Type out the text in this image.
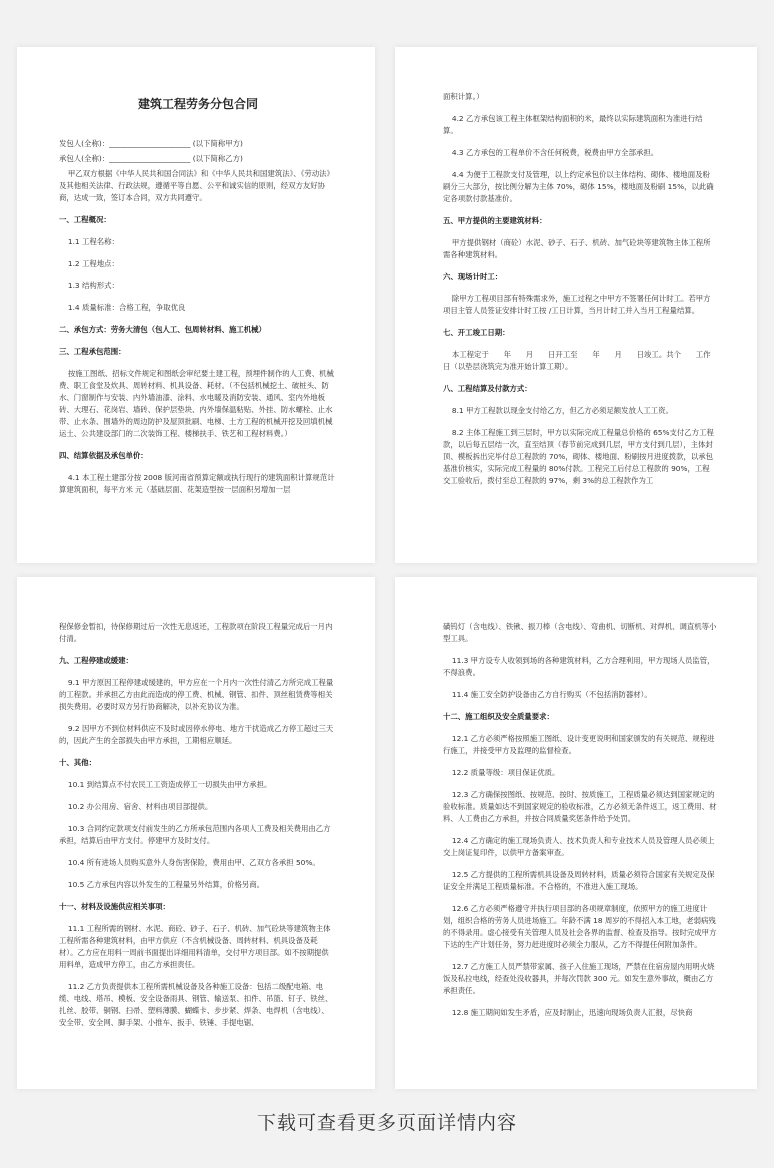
建筑工程劳务分包合同

发包人(全称)：______________________ (以下简称甲方)

承包人(全称)：______________________ (以下简称乙方)

甲乙双方根据《中华人民共和国合同法》和《中华人民共和国建筑法》、《劳动法》及其他相关法律、行政法规，遵循平等自愿、公平和诚实信的原则，经双方友好协商，达成一致，签订本合同，双方共同遵守。

一、工程概况：

1.1 工程名称：

1.2 工程地点：

1.3 结构形式：

1.4 质量标准：合格工程，争取优良

二、承包方式：劳务大清包（包人工、包周转材料、施工机械）

三、工程承包范围：

按施工图纸、招标文件规定和图纸会审纪要土建工程，预埋件制作的人工费、机械费、职工食堂及炊具、周转材料、机具设备、耗材。（不包括机械挖土、破桩头、防水、门窗制作与安装、内外墙油漆、涂料、水电暖及消防安装、通风、室内外地板砖、大理石、花岗岩、墙砖、保护层垫块、内外墙保温粘贴、外挂、防水螺栓、止水带、止水条、围墙外的周边防护及屋顶批刷、电梯、土方工程的机械开挖及回填机械运土、公共建设部门的二次装饰工程、楼梯扶手、铁艺和工程材料费。）

四、结算依据及承包单价：

4.1 本工程土建部分按 2008 版河南省预算定额或执行现行的建筑面积计算规范计算建筑面积，每平方米 元（基础层面、花架造型按一层面积另增加一层

面积计算。）

4.2 乙方承包该工程主体框架结构面积的米，最终以实际建筑面积为准进行结算。

4.3 乙方承包的工程单价不含任何税费，税费由甲方全部承担。

4.4 为便于工程款支付及管理，以上约定承包价以主体结构、砌体、楼地面及粉刷分三大部分，按比例分解为主体 70%，砌体 15%，楼地面及粉刷 15%，以此确定各项款付款基准价。

五、甲方提供的主要建筑材料：

甲方提供钢材（商砼）水泥、砂子、石子、机砖、加气砼块等建筑物主体工程所需各种建筑材料。

六、现场计时工：

除甲方工程项目部有特殊需求外，施工过程之中甲方不签署任何计时工。若甲方项目主管人员签证安排计时工按 /工日计算，当月计时工并入当月工程量结算。

七、开工竣工日期：

本工程定于　　年　　月　　日开工至　　年　　月　　日竣工。共个　　工作日（以垫层浇筑完为准开始计算工期）。

八、工程结算及付款方式：

8.1 甲方工程款以现金支付给乙方，但乙方必须足额发放人工工资。

8.2 主体工程施工到三层时，甲方以实际完成工程量总价格的 65%支付乙方工程款，以后每五层结一次，直至结顶（春节前完成到几层，甲方支付到几层），主体封顶、模板拆出完毕付总工程款的 70%，砌体、楼地面、粉刷按月进度拨款，以承包基准价核实，实际完成工程量的 80%付款。工程完工后付总工程款的 90%，工程交工验收后，拨付至总工程款的 97%，剩 3%的总工程款作为工

程保修金暂扣，待保修期过后一次性无息返还，工程款项在阶段工程量完成后一月内付清。

九、工程停建或缓建：

9.1 甲方原因工程停建或缓建的，甲方应在一个月内一次性付清乙方所完成工程量的工程款。并承担乙方由此而造成的停工费、机械、钢管、扣件、顶丝租赁费等相关损失费用。必要时双方另行协商解决，以补充协议为准。

9.2 因甲方不到位材料供应不及时或因停水停电、地方干扰造成乙方停工超过三天的，因此产生的全部损失由甲方承担，工期相应顺延。

十、其他：

10.1 到结算点不付农民工工资造成停工一切损失由甲方承担。

10.2 办公用房、宿舍、材料由项目部提供。

10.3 合同约定款项支付前发生的乙方所承包范围内各项人工费及相关费用由乙方承担，结算后由甲方支付。停建甲方及时支付。

10.4 所有进场人员购买意外人身伤害保险，费用由甲、乙双方各承担 50%。

10.5 乙方承包内容以外发生的工程量另外结算，价格另商。

十一、材料及设施供应相关事项：

11.1 工程所需的钢材、水泥、商砼、砂子、石子、机砖、加气砼块等建筑物主体工程所需各种建筑材料，由甲方供应（不含机械设备、周转材料、机具设备及耗材）。乙方应在用料一周前书面提出详细用料清单，交付甲方项目部。如不按期提供用料单，造成甲方停工，由乙方承担责任。

11.2 乙方负责提供本工程所需机械设备及各种施工设备：包括二级配电箱、电缆、电线、塔吊、模板、安全设备雨具、钢管、输送泵、扣件、吊篮、钉子、铁丝、扎丝、胶带、铜钢、扫帚、塑料薄膜、蝴蝶卡、步步紧、焊条、电焊机（含电线）、安全带、安全网、脚手架、小推车、扳手、铁锤、手提电锯、

磺钨灯（含电线）、铁锹、振刀棒（含电线）、弯曲机、切断机、对焊机、调直机等小型工具。

11.3 甲方设专人收领到场的各种建筑材料，乙方合理利用，甲方现场人员监管，不得浪费。

11.4 施工安全防护设备由乙方自行购买（不包括消防器材）。

十二、施工组织及安全质量要求：

12.1 乙方必须严格按照施工图纸、设计变更说明和国家颁发的有关规范、规程进行施工，并接受甲方及监理的监督检查。

12.2 质量等级：项目保证优质。

12.3 乙方确保按图纸、按规范、按时、按质施工，工程质量必须达到国家规定的验收标准。质量如达不到国家规定的验收标准，乙方必须无条件返工，返工费用、材料、人工费由乙方承担，并按合同质量奖惩条件给予处罚。

12.4 乙方确定的施工现场负责人、技术负责人和专业技术人员及管理人员必须上交上岗证复印件，以供甲方备案审查。

12.5 乙方提供的工程所需机具设备及周转材料，质量必须符合国家有关规定及保证安全并满足工程质量标准。不合格的，不准进入施工现场。

12.6 乙方必须严格遵守并执行项目部的各项规章制度，依照甲方的施工进度计划，组织合格的劳务人员进场施工。年龄不满 18 周岁的不得招入本工地，老弱病残的不得录用。虚心接受有关管理人员及社会各界的监督、检查及指导。按时完成甲方下达的生产计划任务，努力赶进度时必须全力服从，乙方不得提任何附加条件。

12.7 乙方施工人员严禁带家属、孩子入住施工现场，严禁在住宿房屋内用明火烧饭及私拉电线，经查处没收器具，并每次罚款 300 元。如发生意外事故，概由乙方承担责任。

12.8 施工期间如发生矛盾，应及时制止，迅速向现场负责人汇报，尽快商

下载可查看更多页面详情内容
